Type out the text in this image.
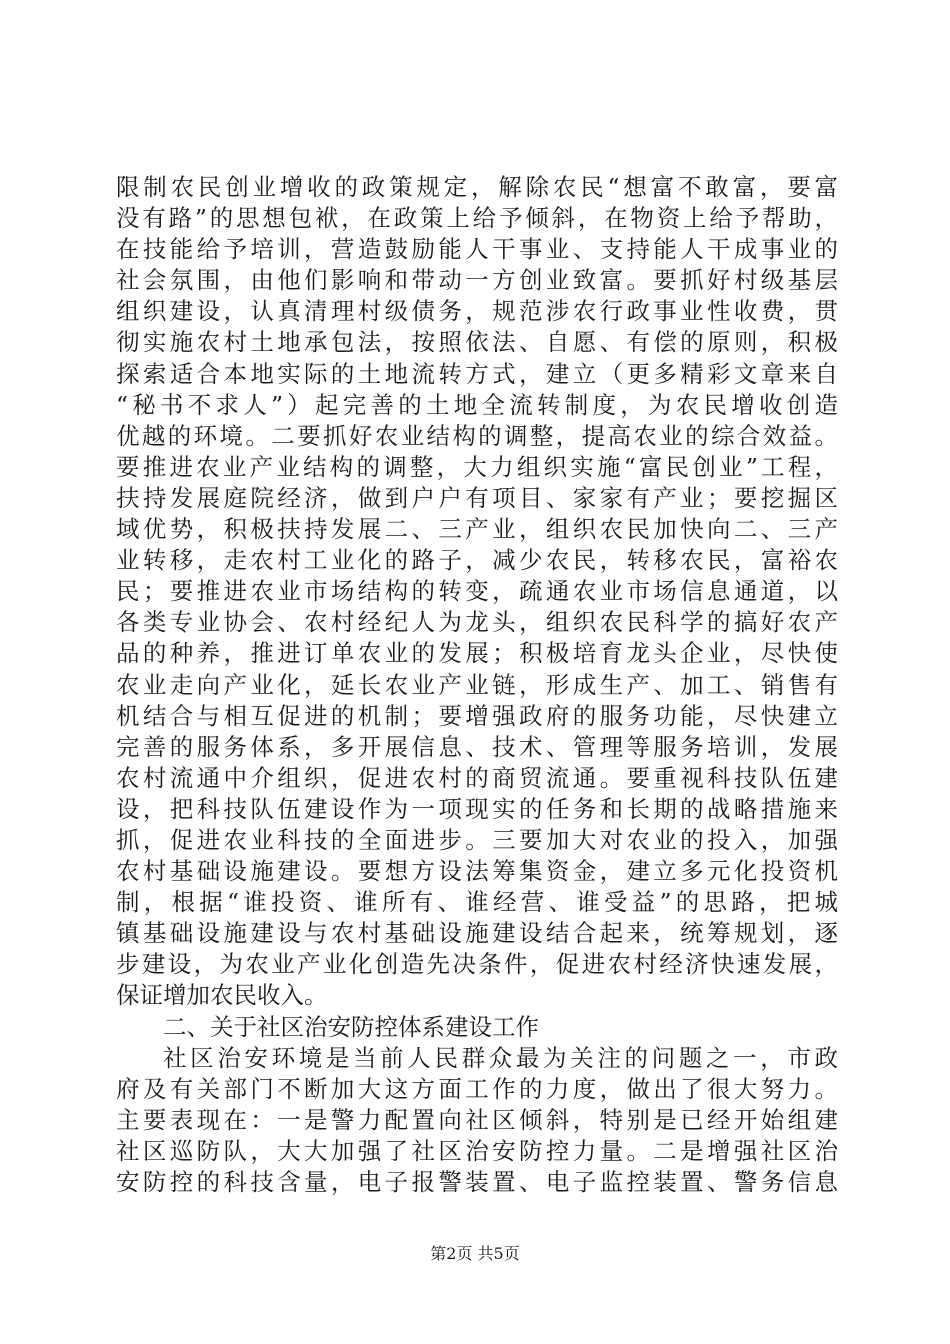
限制农民创业增收的政策规定，解除农民“想富不敢富，要富
没有路”的思想包袱，在政策上给予倾斜，在物资上给予帮助，
在技能给予培训，营造鼓励能人干事业、支持能人干成事业的
社会氛围，由他们影响和带动一方创业致富。要抓好村级基层
组织建设，认真清理村级债务，规范涉农行政事业性收费，贯
彻实施农村土地承包法，按照依法、自愿、有偿的原则，积极
探索适合本地实际的土地流转方式，建立（更多精彩文章来自
“秘书不求人”）起完善的土地全流转制度，为农民增收创造
优越的环境。二要抓好农业结构的调整，提高农业的综合效益。
要推进农业产业结构的调整，大力组织实施“富民创业”工程，
扶持发展庭院经济，做到户户有项目、家家有产业；要挖掘区
域优势，积极扶持发展二、三产业，组织农民加快向二、三产
业转移，走农村工业化的路子，减少农民，转移农民，富裕农
民；要推进农业市场结构的转变，疏通农业市场信息通道，以
各类专业协会、农村经纪人为龙头，组织农民科学的搞好农产
品的种养，推进订单农业的发展；积极培育龙头企业，尽快使
农业走向产业化，延长农业产业链，形成生产、加工、销售有
机结合与相互促进的机制；要增强政府的服务功能，尽快建立
完善的服务体系，多开展信息、技术、管理等服务培训，发展
农村流通中介组织，促进农村的商贸流通。要重视科技队伍建
设，把科技队伍建设作为一项现实的任务和长期的战略措施来
抓，促进农业科技的全面进步。三要加大对农业的投入，加强
农村基础设施建设。要想方设法筹集资金，建立多元化投资机
制，根据“谁投资、谁所有、谁经营、谁受益”的思路，把城
镇基础设施建设与农村基础设施建设结合起来，统筹规划，逐
步建设，为农业产业化创造先决条件，促进农村经济快速发展，
保证增加农民收入。
二、关于社区治安防控体系建设工作
社区治安环境是当前人民群众最为关注的问题之一，市政
府及有关部门不断加大这方面工作的力度，做出了很大努力。
主要表现在：一是警力配置向社区倾斜，特别是已经开始组建
社区巡防队，大大加强了社区治安防控力量。二是增强社区治
安防控的科技含量，电子报警装置、电子监控装置、警务信息
第2页 共5页
